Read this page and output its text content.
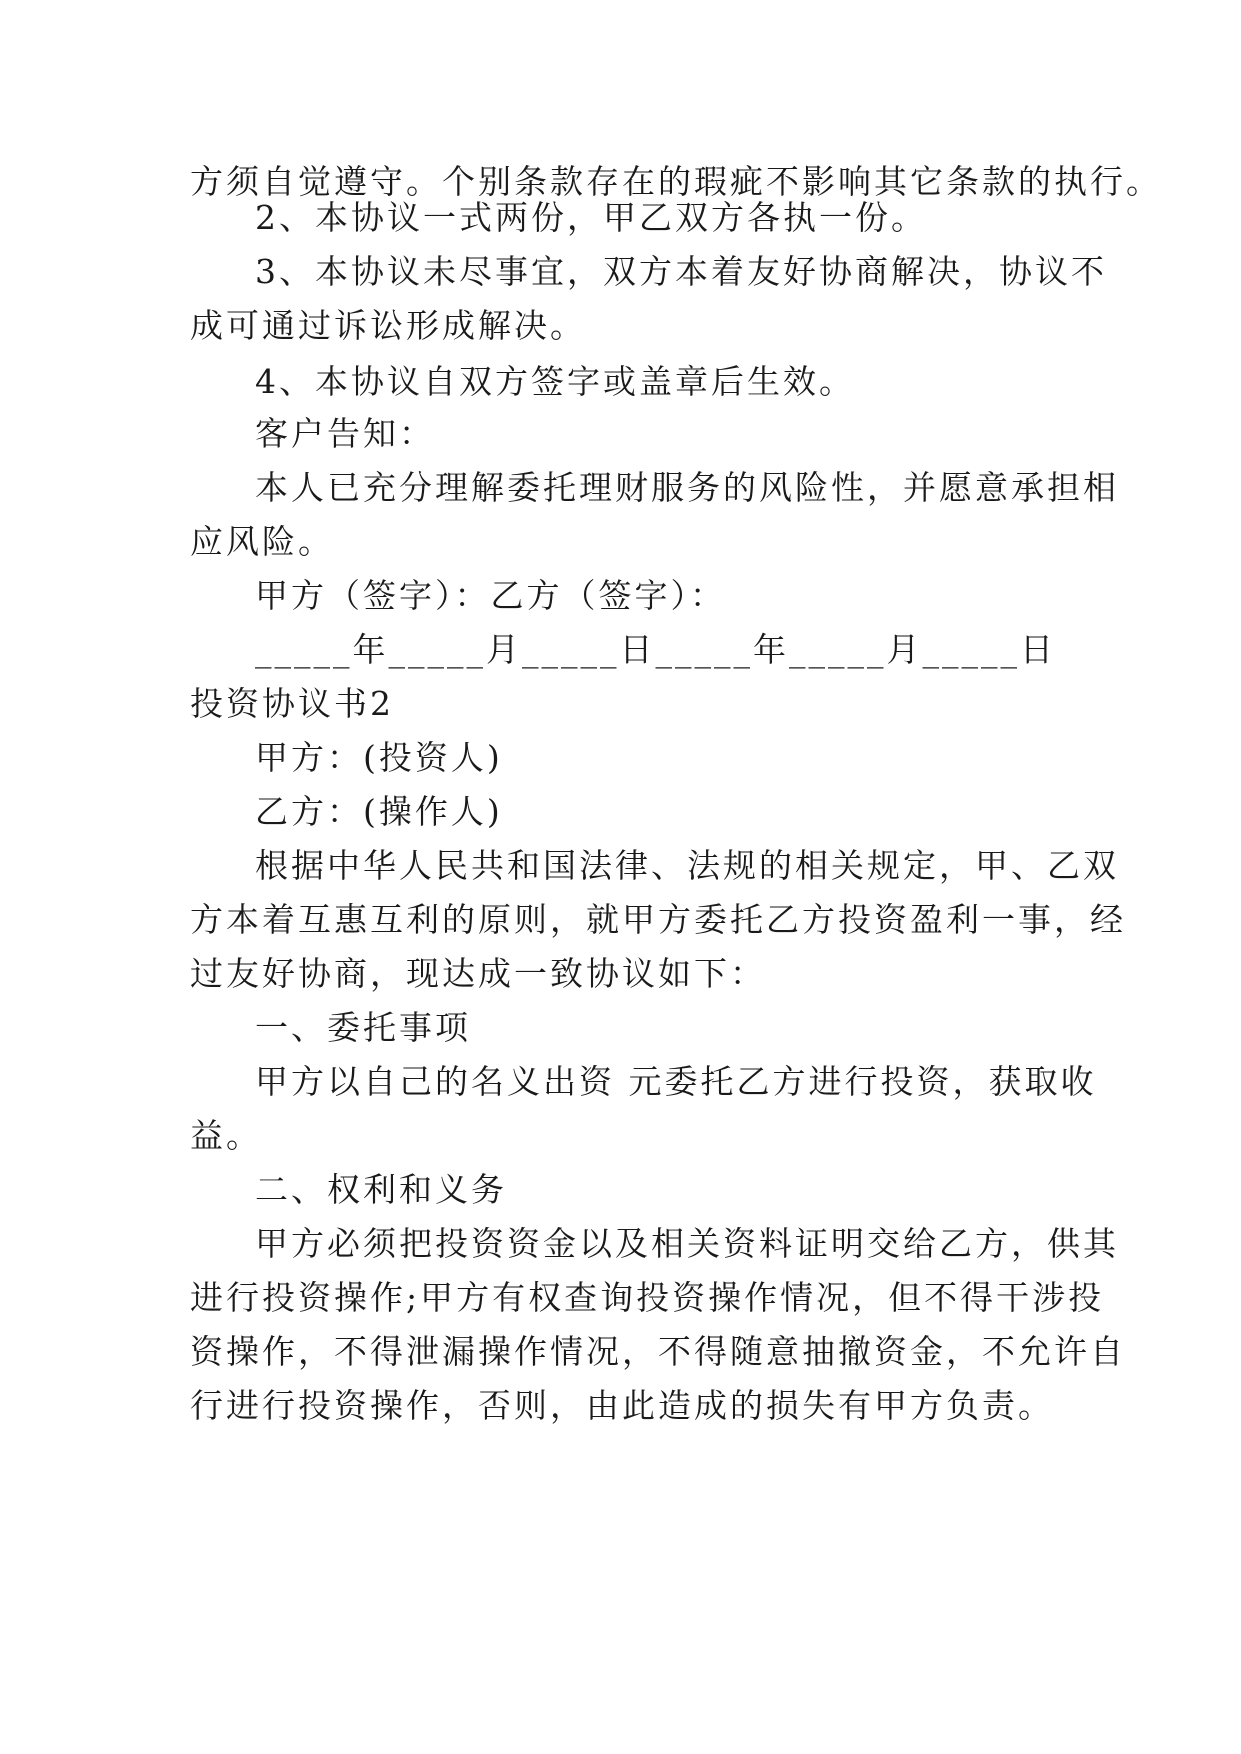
方须自觉遵守。个别条款存在的瑕疵不影响其它条款的执行。
2、本协议一式两份，甲乙双方各执一份。
3、本协议未尽事宜，双方本着友好协商解决，协议不
成可通过诉讼形成解决。
4、本协议自双方签字或盖章后生效。
客户告知：
本人已充分理解委托理财服务的风险性，并愿意承担相
应风险。
甲方（签字）：乙方（签字）：
_____年_____月_____日_____年_____月_____日
投资协议书2
甲方：(投资人)
乙方：(操作人)
根据中华人民共和国法律、法规的相关规定，甲、乙双
方本着互惠互利的原则，就甲方委托乙方投资盈利一事，经
过友好协商，现达成一致协议如下：
一、委托事项
甲方以自己的名义出资 元委托乙方进行投资，获取收
益。
二、权利和义务
甲方必须把投资资金以及相关资料证明交给乙方，供其
进行投资操作;甲方有权查询投资操作情况，但不得干涉投
资操作，不得泄漏操作情况，不得随意抽撤资金，不允许自
行进行投资操作，否则，由此造成的损失有甲方负责。
